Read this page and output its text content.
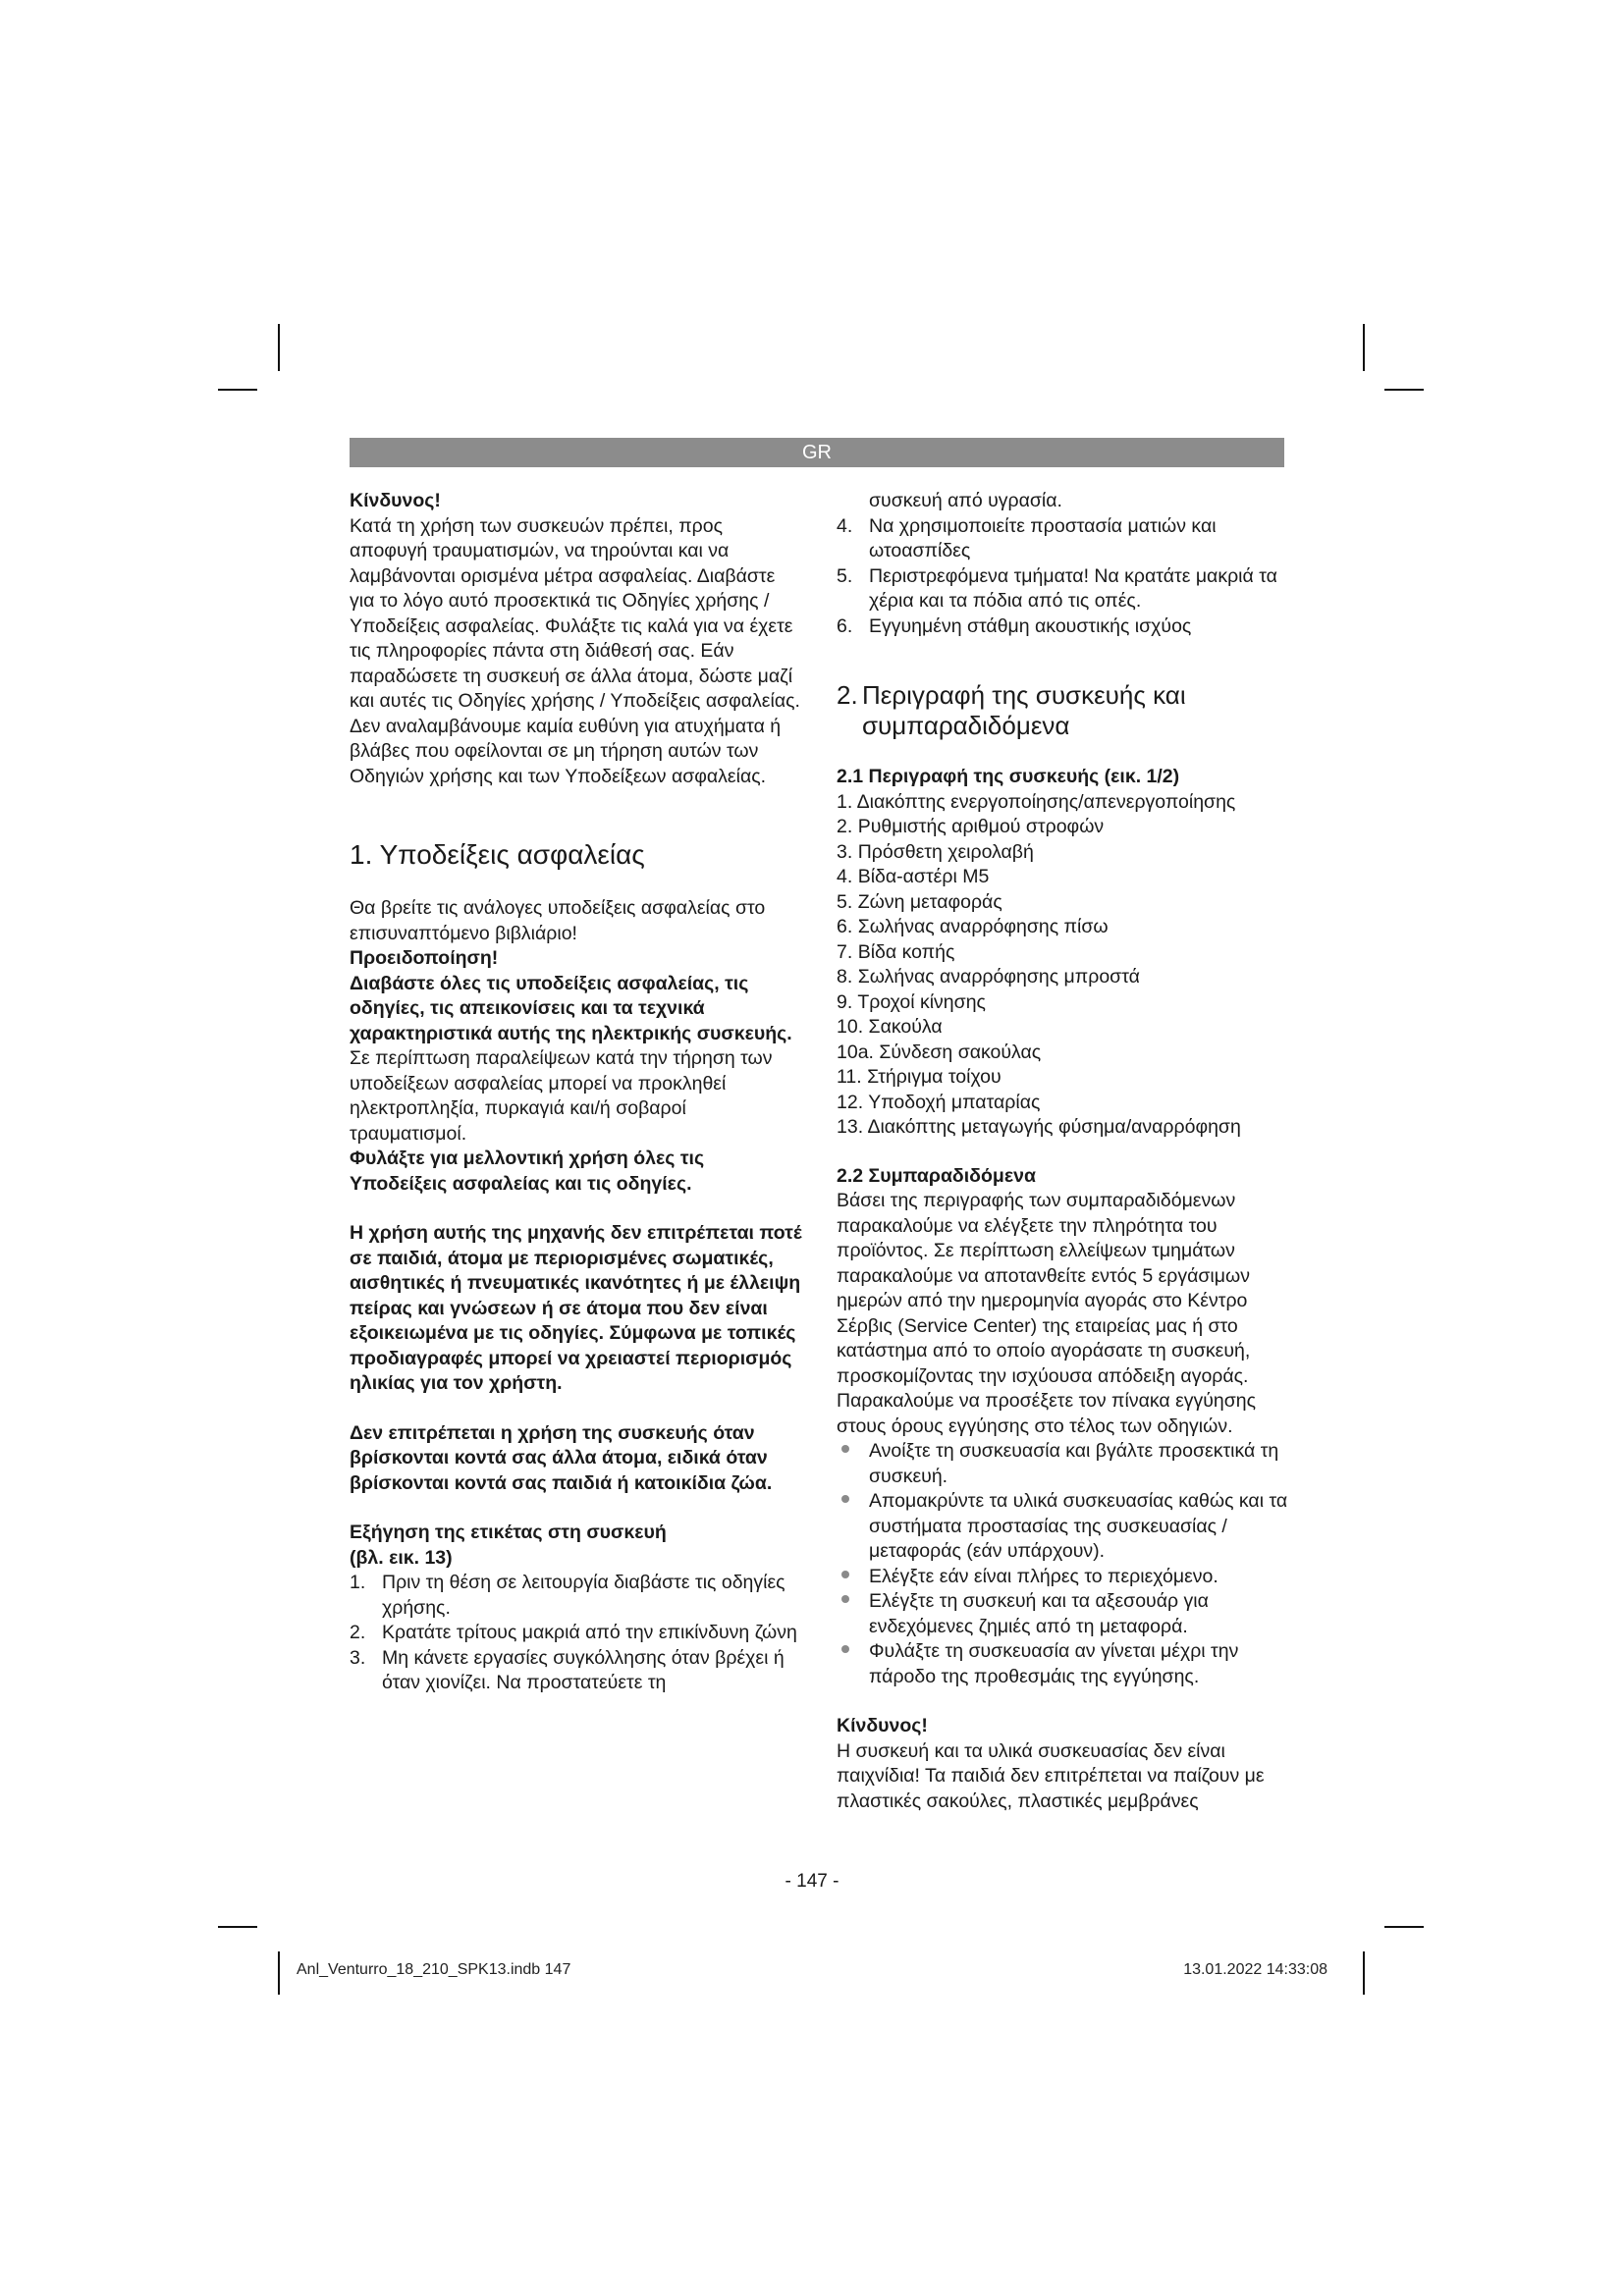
GR

Κίνδυνος!

Κατά τη χρήση των συσκευών πρέπει, προς αποφυγή τραυματισμών, να τηρούνται και να λαμβάνονται ορισμένα μέτρα ασφαλείας. Διαβάστε για το λόγο αυτό προσεκτικά τις Οδηγίες χρήσης / Υποδείξεις ασφαλείας. Φυλάξτε τις καλά για να έχετε τις πληροφορίες πάντα στη διάθεσή σας. Εάν παραδώσετε τη συσκευή σε άλλα άτομα, δώστε μαζί και αυτές τις Οδηγίες χρήσης / Υποδείξεις ασφαλείας. Δεν αναλαμβάνουμε καμία ευθύνη για ατυχήματα ή βλάβες που οφείλονται σε μη τήρηση αυτών των Οδηγιών χρήσης και των Υποδείξεων ασφαλείας.

1. Υποδείξεις ασφαλείας

Θα βρείτε τις ανάλογες υποδείξεις ασφαλείας στο επισυναπτόμενο βιβλιάριο!

Προειδοποίηση!

Διαβάστε όλες τις υποδείξεις ασφαλείας, τις οδηγίες, τις απεικονίσεις και τα τεχνικά χαρακτηριστικά αυτής της ηλεκτρικής συσκευής. Σε περίπτωση παραλείψεων κατά την τήρηση των υποδείξεων ασφαλείας μπορεί να προκληθεί ηλεκτροπληξία, πυρκαγιά και/ή σοβαροί τραυματισμοί.

Φυλάξτε για μελλοντική χρήση όλες τις Υποδείξεις ασφαλείας και τις οδηγίες.

Η χρήση αυτής της μηχανής δεν επιτρέπεται ποτέ σε παιδιά, άτομα με περιορισμένες σωματικές, αισθητικές ή πνευματικές ικανότητες ή με έλλειψη πείρας και γνώσεων ή σε άτομα που δεν είναι εξοικειωμένα με τις οδηγίες. Σύμφωνα με τοπικές προδιαγραφές μπορεί να χρειαστεί περιορισμός ηλικίας για τον χρήστη.

Δεν επιτρέπεται η χρήση της συσκευής όταν βρίσκονται κοντά σας άλλα άτομα, ειδικά όταν βρίσκονται κοντά σας παιδιά ή κατοικίδια ζώα.

Εξήγηση της ετικέτας στη συσκευή
(βλ. εικ. 13)

1. Πριν τη θέση σε λειτουργία διαβάστε τις οδηγίες χρήσης.
2. Κρατάτε τρίτους μακριά από την επικίνδυνη ζώνη
3. Μη κάνετε εργασίες συγκόλλησης όταν βρέχει ή όταν χιονίζει. Να προστατεύετε τη

συσκευή από υγρασία.

4. Να χρησιμοποιείτε προστασία ματιών και ωτοασπίδες
5. Περιστρεφόμενα τμήματα! Να κρατάτε μακριά τα χέρια και τα πόδια από τις οπές.
6. Εγγυημένη στάθμη ακουστικής ισχύος
2. Περιγραφή της συσκευής και
συμπαραδιδόμενα

2.1 Περιγραφή της συσκευής (εικ. 1/2)

1. Διακόπτης ενεργοποίησης/απενεργοποίησης
2. Ρυθμιστής αριθμού στροφών
3. Πρόσθετη χειρολαβή
4. Βίδα-αστέρι M5
5. Ζώνη μεταφοράς
6. Σωλήνας αναρρόφησης πίσω
7. Βίδα κοπής
8. Σωλήνας αναρρόφησης μπροστά
9. Τροχοί κίνησης
10. Σακούλα
10a. Σύνδεση σακούλας
11. Στήριγμα τοίχου
12. Υποδοχή μπαταρίας
13. Διακόπτης μεταγωγής φύσημα/αναρρόφηση

2.2 Συμπαραδιδόμενα

Βάσει της περιγραφής των συμπαραδιδόμενων παρακαλούμε να ελέγξετε την πληρότητα του προϊόντος. Σε περίπτωση ελλείψεων τμημάτων παρακαλούμε να αποτανθείτε εντός 5 εργάσιμων ημερών από την ημερομηνία αγοράς στο Κέντρο Σέρβις (Service Center) της εταιρείας μας ή στο κατάστημα από το οποίο αγοράσατε τη συσκευή, προσκομίζοντας την ισχύουσα απόδειξη αγοράς. Παρακαλούμε να προσέξετε τον πίνακα εγγύησης στους όρους εγγύησης στο τέλος των οδηγιών.

Ανοίξτε τη συσκευασία και βγάλτε προσεκτικά τη συσκευή.
Απομακρύντε τα υλικά συσκευασίας καθώς και τα συστήματα προστασίας της συσκευασίας / μεταφοράς (εάν υπάρχουν).
Ελέγξτε εάν είναι πλήρες το περιεχόμενο.
Ελέγξτε τη συσκευή και τα αξεσουάρ για ενδεχόμενες ζημιές από τη μεταφορά.
Φυλάξτε τη συσκευασία αν γίνεται μέχρι την πάροδο της προθεσμάις της εγγύησης.

Κίνδυνος!

Η συσκευή και τα υλικά συσκευασίας δεν είναι παιχνίδια! Τα παιδιά δεν επιτρέπεται να παίζουν με πλαστικές σακούλες, πλαστικές μεμβράνες

- 147 -
Anl_Venturro_18_210_SPK13.indb 147	13.01.2022 14:33:08
